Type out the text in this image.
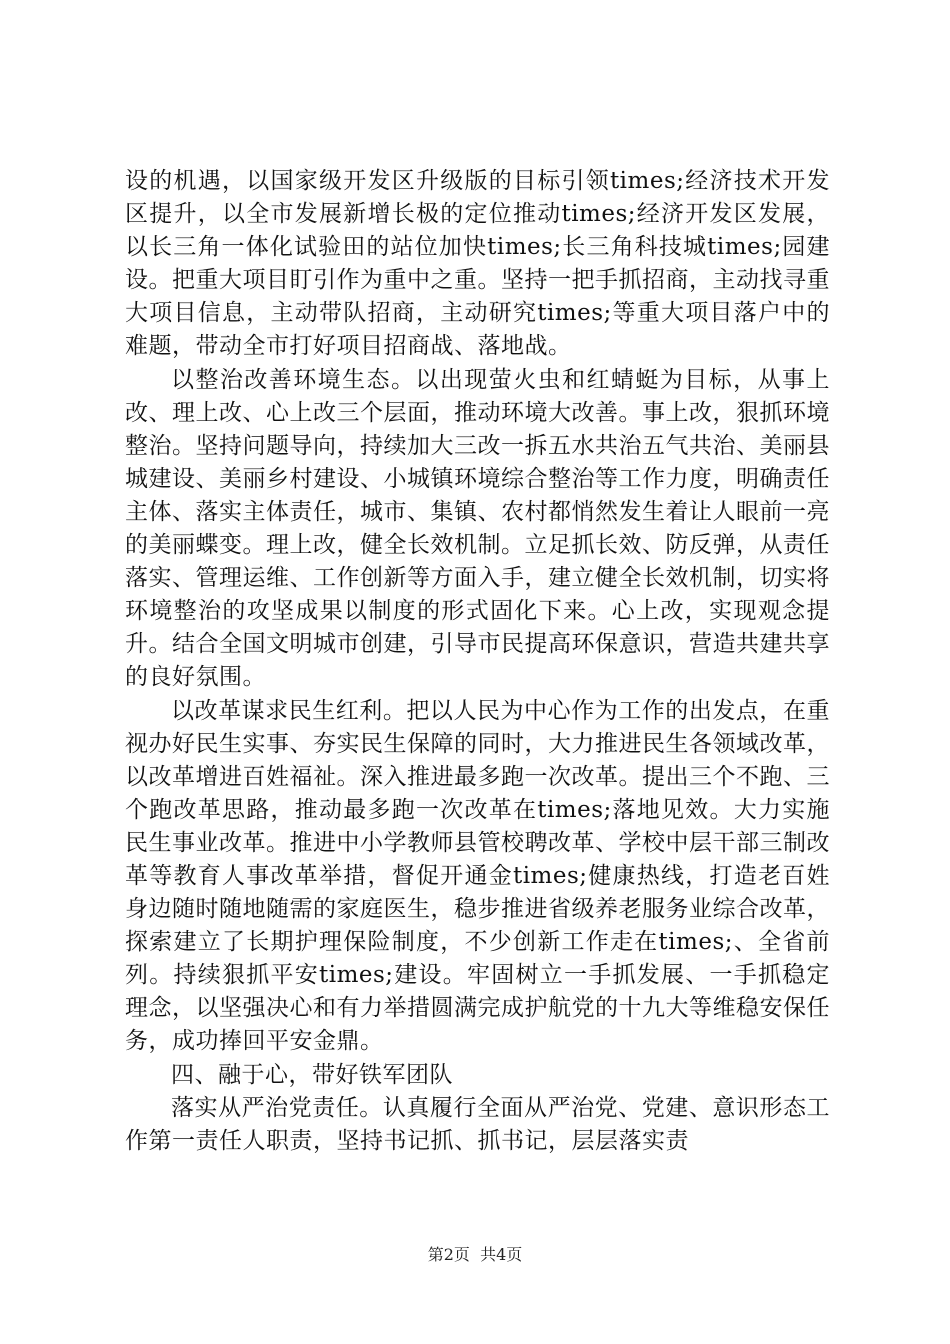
设的机遇，以国家级开发区升级版的目标引领times;经济技术开发区提升，以全市发展新增长极的定位推动times;经济开发区发展，以长三角一体化试验田的站位加快times;长三角科技城times;园建设。把重大项目盯引作为重中之重。坚持一把手抓招商，主动找寻重大项目信息，主动带队招商，主动研究times;等重大项目落户中的难题，带动全市打好项目招商战、落地战。

以整治改善环境生态。以出现萤火虫和红蜻蜓为目标，从事上改、理上改、心上改三个层面，推动环境大改善。事上改，狠抓环境整治。坚持问题导向，持续加大三改一拆五水共治五气共治、美丽县城建设、美丽乡村建设、小城镇环境综合整治等工作力度，明确责任主体、落实主体责任，城市、集镇、农村都悄然发生着让人眼前一亮的美丽蝶变。理上改，健全长效机制。立足抓长效、防反弹，从责任落实、管理运维、工作创新等方面入手，建立健全长效机制，切实将环境整治的攻坚成果以制度的形式固化下来。心上改，实现观念提升。结合全国文明城市创建，引导市民提高环保意识，营造共建共享的良好氛围。

以改革谋求民生红利。把以人民为中心作为工作的出发点，在重视办好民生实事、夯实民生保障的同时，大力推进民生各领域改革，以改革增进百姓福祉。深入推进最多跑一次改革。提出三个不跑、三个跑改革思路，推动最多跑一次改革在times;落地见效。大力实施民生事业改革。推进中小学教师县管校聘改革、学校中层干部三制改革等教育人事改革举措，督促开通金times;健康热线，打造老百姓身边随时随地随需的家庭医生，稳步推进省级养老服务业综合改革，探索建立了长期护理保险制度，不少创新工作走在times;、全省前列。持续狠抓平安times;建设。牢固树立一手抓发展、一手抓稳定理念，以坚强决心和有力举措圆满完成护航党的十九大等维稳安保任务，成功捧回平安金鼎。

四、融于心，带好铁军团队

落实从严治党责任。认真履行全面从严治党、党建、意识形态工作第一责任人职责，坚持书记抓、抓书记，层层落实责

第2页 共4页
